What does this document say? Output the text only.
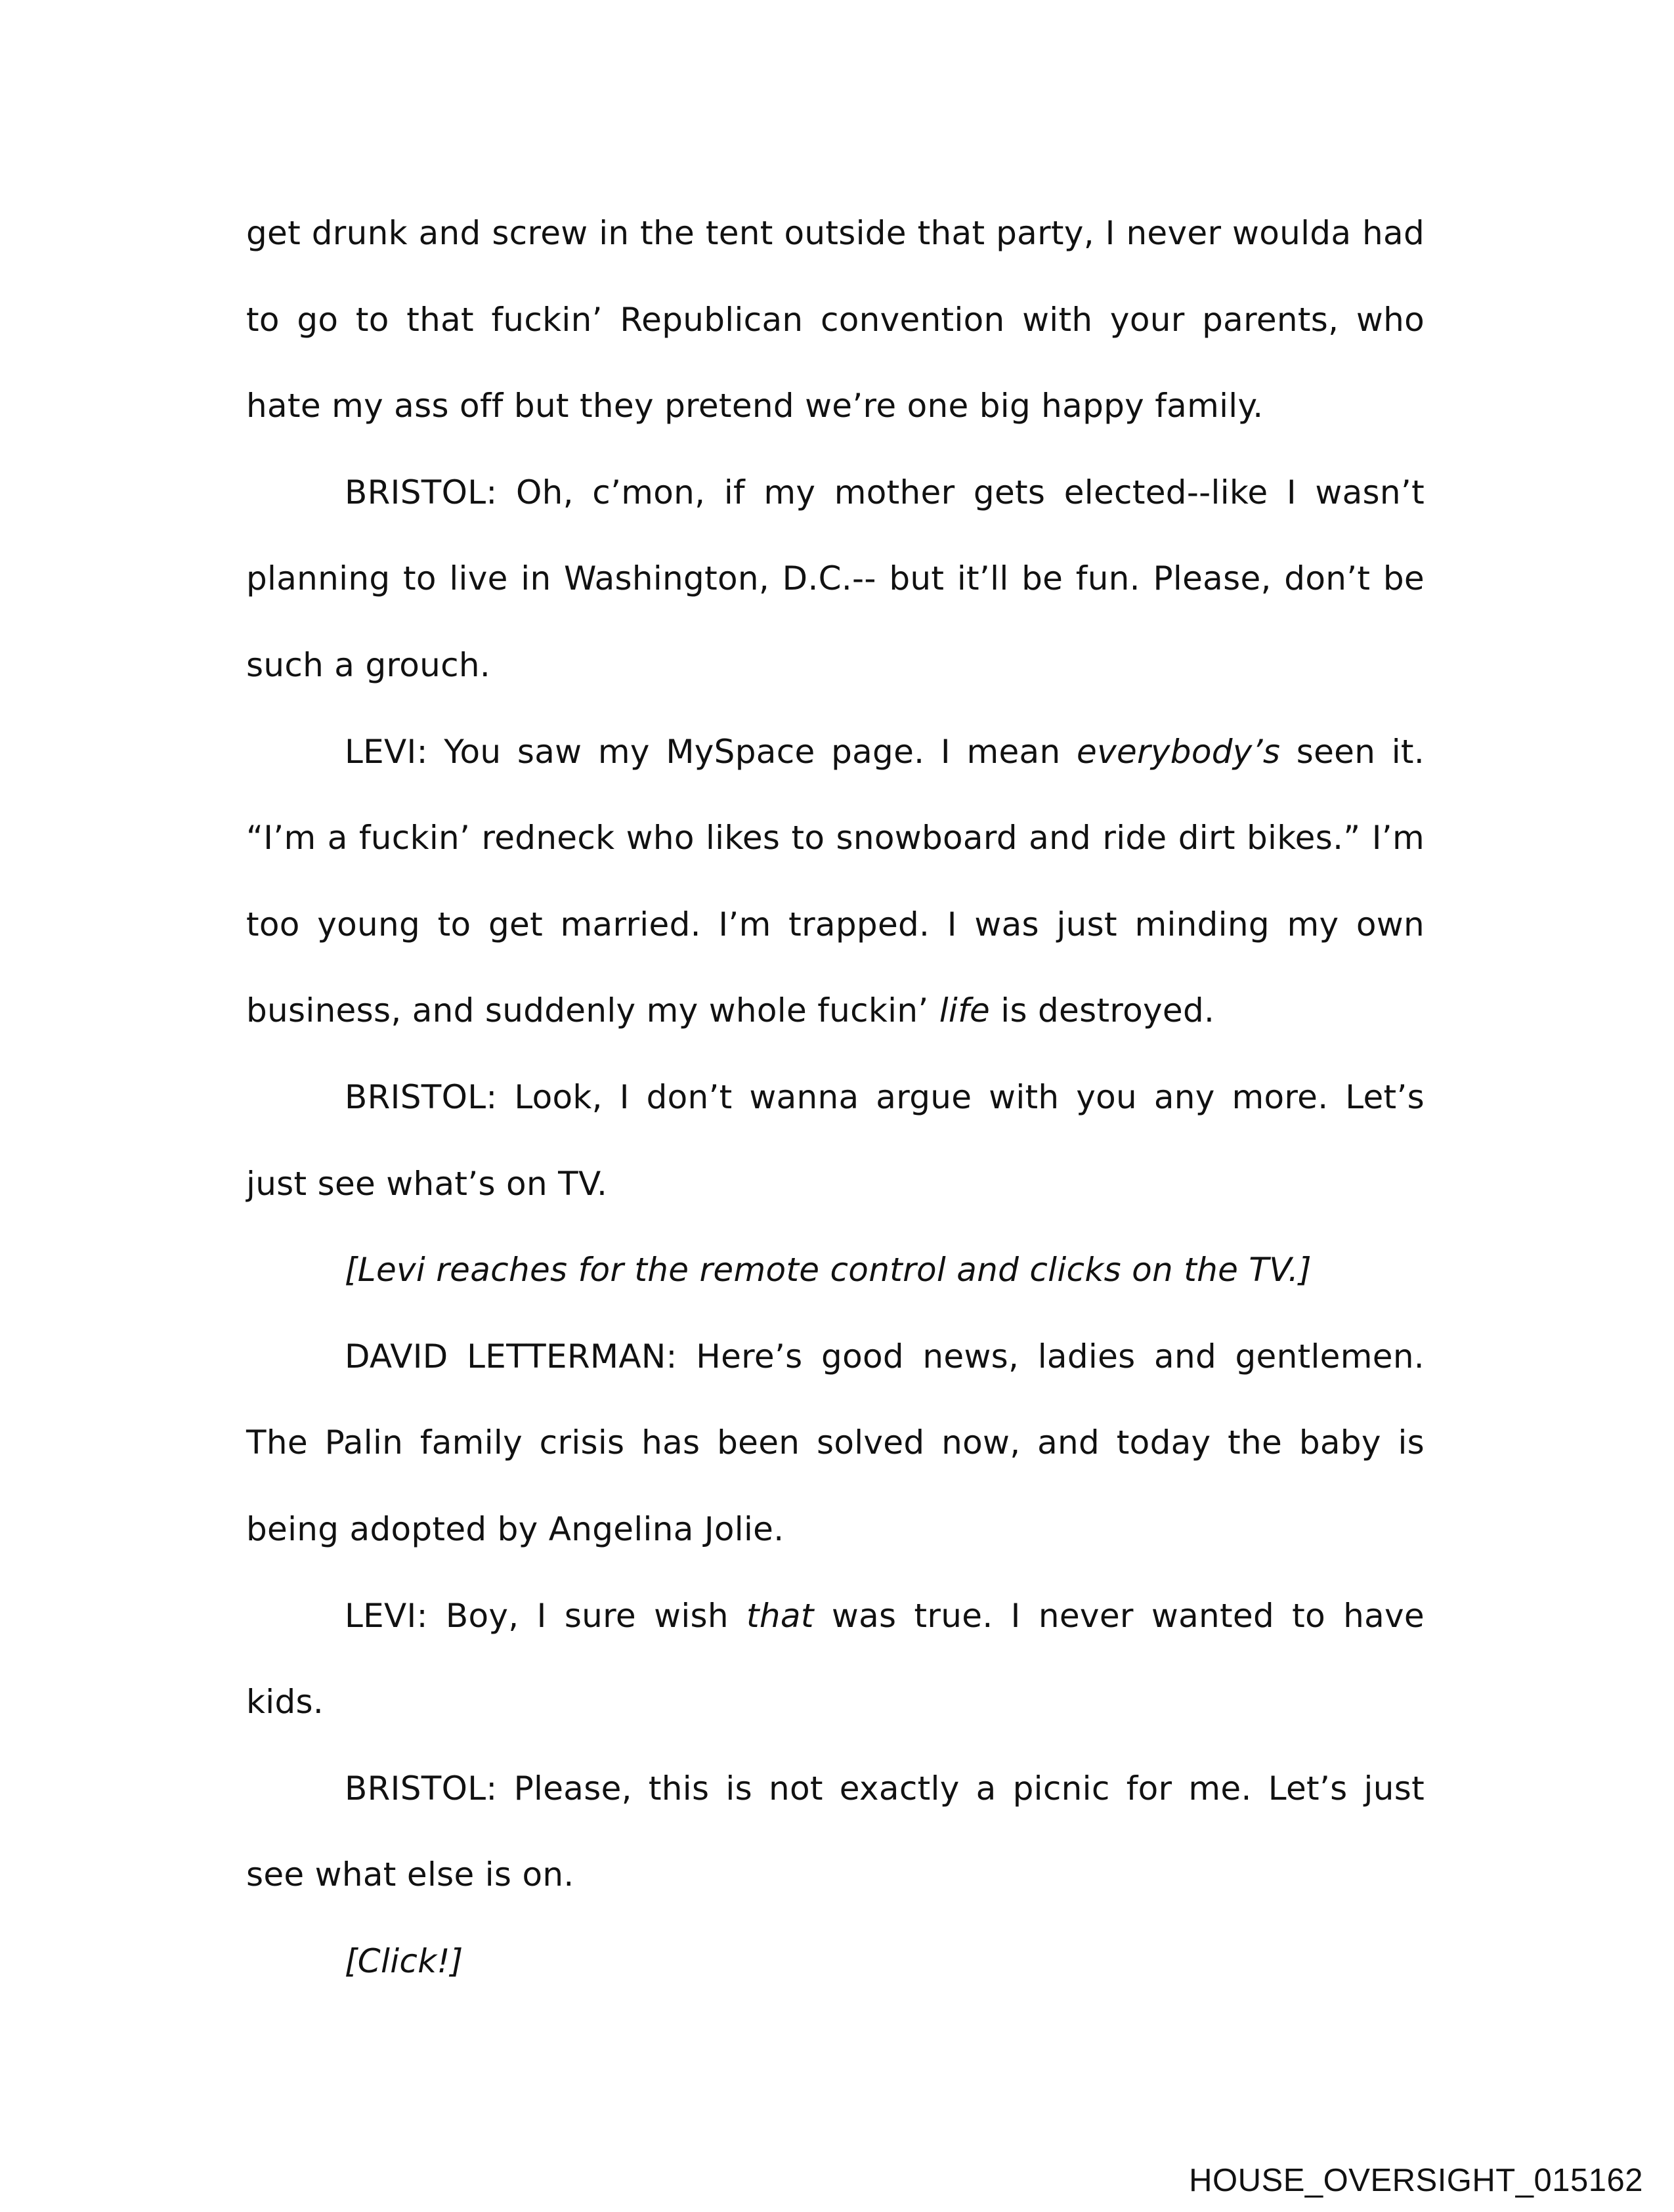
get drunk and screw in the tent outside that party, I never woulda had to go to that fuckin’ Republican convention with your parents, who hate my ass off but they pretend we’re one big happy family.

BRISTOL: Oh, c’mon, if my mother gets elected--like I wasn’t planning to live in Washington, D.C.-- but it’ll be fun. Please, don’t be such a grouch.

LEVI: You saw my MySpace page. I mean everybody’s seen it. “I’m a fuckin’ redneck who likes to snowboard and ride dirt bikes.” I’m too young to get married. I’m trapped. I was just minding my own business, and suddenly my whole fuckin’ life is destroyed.

BRISTOL: Look, I don’t wanna argue with you any more. Let’s just see what’s on TV.

[Levi reaches for the remote control and clicks on the TV.]

DAVID LETTERMAN: Here’s good news, ladies and gentlemen. The Palin family crisis has been solved now, and today the baby is being adopted by Angelina Jolie.

LEVI: Boy, I sure wish that was true. I never wanted to have kids.

BRISTOL: Please, this is not exactly a picnic for me. Let’s just see what else is on.

[Click!]

HOUSE_OVERSIGHT_015162
